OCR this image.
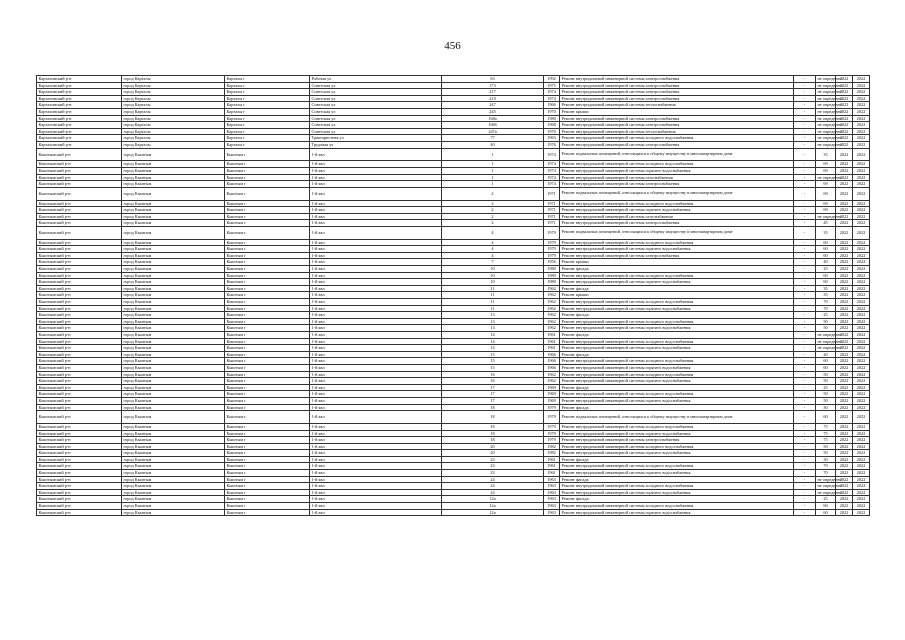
456
Карталинский р-н	город Карталы	Карталы г	Рабочая ул	63	1992	Ремонт внутридомовой инженерной системы электроснабжения	-	не определен	2022	2022
Карталинский р-н	город Карталы	Карталы г	Советская ул	173	1975	Ремонт внутридомовой инженерной системы электроснабжения	-	не определен	2022	2022
Карталинский р-н	город Карталы	Карталы г	Советская ул	217	1974	Ремонт внутридомовой инженерной системы электроснабжения	-	не определен	2022	2022
Карталинский р-н	город Карталы	Карталы г	Советская ул	210	1974	Ремонт внутридомовой инженерной системы электроснабжения	-	не определен	2022	2022
Карталинский р-н	город Карталы	Карталы г	Советская ул	247	1966	Ремонт внутридомовой инженерной системы теплоснабжения	-	не определен	2022	2022
Карталинский р-н	город Карталы	Карталы г	Советская ул	245	1970	Ремонт крыши	-	не определен	2022	2022
Карталинский р-н	город Карталы	Карталы г	Советская ул	168а	1980	Ремонт внутридомовой инженерной системы электроснабжения	-	не определен	2022	2022
Карталинский р-н	город Карталы	Карталы г	Советская ул	168б	1968	Ремонт внутридомовой инженерной системы электроснабжения	-	не определен	2022	2022
Карталинский р-н	город Карталы	Карталы г	Советская ул	247а	1970	Ремонт внутридомовой инженерной системы теплоснабжения	-	не определен	2022	2022
Карталинский р-н	город Карталы	Карталы г	Трактористная ул	77	1963	Ремонт внутридомовой инженерной системы холодного водоснабжения	-	не определен	2022	2022
Карталинский р-н	город Карталы	Карталы г	Трудовая ул	40	1976	Ремонт внутридомовой инженерной системы электроснабжения	-	не определен	2022	2022
Кыштымский р-н	город Кыштым	Кыштым г	1-й квл	1	1974	Ремонт подвальных помещений, относящихся к общему имуществу в многоквартирном доме	-	35	2022	2022
Кыштымский р-н	город Кыштым	Кыштым г	1-й квл	1	1974	Ремонт внутридомовой инженерной системы холодного водоснабжения	-	69	2022	2022
Кыштымский р-н	город Кыштым	Кыштым г	1-й квл	1	1974	Ремонт внутридомовой инженерной системы горячего водоснабжения	-	69	2022	2022
Кыштымский р-н	город Кыштым	Кыштым г	1-й квл	1	1974	Ремонт внутридомовой инженерной системы газоснабжения	-	не определен	2022	2022
Кыштымский р-н	город Кыштым	Кыштым г	1-й квл	1	1974	Ремонт внутридомовой инженерной системы электроснабжения	-	69	2022	2022
Кыштымский р-н	город Кыштым	Кыштым г	1-й квл	2	1971	Ремонт подвальных помещений, относящихся к общему имуществу в многоквартирном доме	-	69	2022	2022
Кыштымский р-н	город Кыштым	Кыштым г	1-й квл	2	1971	Ремонт внутридомовой инженерной системы холодного водоснабжения	-	69	2022	2022
Кыштымский р-н	город Кыштым	Кыштым г	1-й квл	2	1971	Ремонт внутридомовой инженерной системы горячего водоснабжения	-	69	2022	2022
Кыштымский р-н	город Кыштым	Кыштым г	1-й квл	2	1971	Ремонт внутридомовой инженерной системы газоснабжения	-	не определен	2022	2022
Кыштымский р-н	город Кыштым	Кыштым г	1-й квл	2	1971	Ремонт внутридомовой инженерной системы электроснабжения	-	45	2022	2022
Кыштымский р-н	город Кыштым	Кыштым г	1-й квл	4	1979	Ремонт подвальных помещений, относящихся к общему имуществу в многоквартирном доме	-	35	2022	2022
Кыштымский р-н	город Кыштым	Кыштым г	1-й квл	4	1979	Ремонт внутридомовой инженерной системы холодного водоснабжения	-	60	2022	2022
Кыштымский р-н	город Кыштым	Кыштым г	1-й квл	4	1979	Ремонт внутридомовой инженерной системы горячего водоснабжения	-	60	2022	2022
Кыштымский р-н	город Кыштым	Кыштым г	1-й квл	4	1979	Ремонт внутридомовой инженерной системы электроснабжения	-	60	2022	2022
Кыштымский р-н	город Кыштым	Кыштым г	1-й квл	7	1956	Ремонт крыши	-	40	2022	2022
Кыштымский р-н	город Кыштым	Кыштым г	1-й квл	10	1980	Ремонт фасада	-	25	2022	2022
Кыштымский р-н	город Кыштым	Кыштым г	1-й квл	10	1980	Ремонт внутридомовой инженерной системы холодного водоснабжения	-	60	2022	2022
Кыштымский р-н	город Кыштым	Кыштым г	1-й квл	10	1980	Ремонт внутридомовой инженерной системы горячего водоснабжения	-	60	2022	2022
Кыштымский р-н	город Кыштым	Кыштым г	1-й квл	11	1962	Ремонт фасада	-	35	2022	2022
Кыштымский р-н	город Кыштым	Кыштым г	1-й квл	11	1962	Ремонт крыши	-	35	2022	2022
Кыштымский р-н	город Кыштым	Кыштым г	1-й квл	11	1962	Ремонт внутридомовой инженерной системы холодного водоснабжения	-	70	2022	2022
Кыштымский р-н	город Кыштым	Кыштым г	1-й квл	11	1962	Ремонт внутридомовой инженерной системы горячего водоснабжения	-	70	2022	2022
Кыштымский р-н	город Кыштым	Кыштым г	1-й квл	13	1962	Ремонт фасада	-	25	2022	2022
Кыштымский р-н	город Кыштым	Кыштым г	1-й квл	13	1962	Ремонт внутридомовой инженерной системы холодного водоснабжения	-	50	2022	2022
Кыштымский р-н	город Кыштым	Кыштым г	1-й квл	13	1962	Ремонт внутридомовой инженерной системы горячего водоснабжения	-	50	2022	2022
Кыштымский р-н	город Кыштым	Кыштым г	1-й квл	14	1961	Ремонт фасада	-	не определен	2022	2022
Кыштымский р-н	город Кыштым	Кыштым г	1-й квл	14	1961	Ремонт внутридомовой инженерной системы холодного водоснабжения	-	не определен	2022	2022
Кыштымский р-н	город Кыштым	Кыштым г	1-й квл	14	1961	Ремонт внутридомовой инженерной системы горячего водоснабжения	-	не определен	2022	2022
Кыштымский р-н	город Кыштым	Кыштым г	1-й квл	15	1966	Ремонт фасада	-	20	2022	2022
Кыштымский р-н	город Кыштым	Кыштым г	1-й квл	15	1966	Ремонт внутридомовой инженерной системы холодного водоснабжения	-	60	2022	2022
Кыштымский р-н	город Кыштым	Кыштым г	1-й квл	15	1966	Ремонт внутридомовой инженерной системы горячего водоснабжения	-	60	2022	2022
Кыштымский р-н	город Кыштым	Кыштым г	1-й квл	16	1962	Ремонт внутридомовой инженерной системы холодного водоснабжения	-	50	2022	2022
Кыштымский р-н	город Кыштым	Кыштым г	1-й квл	16	1962	Ремонт внутридомовой инженерной системы горячего водоснабжения	-	50	2022	2022
Кыштымский р-н	город Кыштым	Кыштым г	1-й квл	17	1969	Ремонт фасада	-	25	2022	2022
Кыштымский р-н	город Кыштым	Кыштым г	1-й квл	17	1969	Ремонт внутридомовой инженерной системы холодного водоснабжения	-	50	2022	2022
Кыштымский р-н	город Кыштым	Кыштым г	1-й квл	17	1969	Ремонт внутридомовой инженерной системы горячего водоснабжения	-	50	2022	2022
Кыштымский р-н	город Кыштым	Кыштым г	1-й квл	18	1979	Ремонт фасада	-	30	2022	2022
Кыштымский р-н	город Кыштым	Кыштым г	1-й квл	18	1979	Ремонт подвальных помещений, относящихся к общему имуществу в многоквартирном доме	-	60	2022	2022
Кыштымский р-н	город Кыштым	Кыштым г	1-й квл	18	1979	Ремонт внутридомовой инженерной системы холодного водоснабжения	-	75	2022	2022
Кыштымский р-н	город Кыштым	Кыштым г	1-й квл	18	1979	Ремонт внутридомовой инженерной системы горячего водоснабжения	-	75	2022	2022
Кыштымский р-н	город Кыштым	Кыштым г	1-й квл	18	1979	Ремонт внутридомовой инженерной системы электроснабжения	-	75	2022	2022
Кыштымский р-н	город Кыштым	Кыштым г	1-й квл	20	1982	Ремонт внутридомовой инженерной системы холодного водоснабжения	-	50	2022	2022
Кыштымский р-н	город Кыштым	Кыштым г	1-й квл	20	1982	Ремонт внутридомовой инженерной системы горячего водоснабжения	-	50	2022	2022
Кыштымский р-н	город Кыштым	Кыштым г	1-й квл	23	1961	Ремонт фасада	-	30	2022	2022
Кыштымский р-н	город Кыштым	Кыштым г	1-й квл	23	1961	Ремонт внутридомовой инженерной системы холодного водоснабжения	-	70	2022	2022
Кыштымский р-н	город Кыштым	Кыштым г	1-й квл	23	1961	Ремонт внутридомовой инженерной системы горячего водоснабжения	-	70	2022	2022
Кыштымский р-н	город Кыштым	Кыштым г	1-й квл	24	1963	Ремонт фасада	-	не определен	2022	2022
Кыштымский р-н	город Кыштым	Кыштым г	1-й квл	24	1963	Ремонт внутридомовой инженерной системы холодного водоснабжения	-	не определен	2022	2022
Кыштымский р-н	город Кыштым	Кыштым г	1-й квл	24	1963	Ремонт внутридомовой инженерной системы горячего водоснабжения	-	не определен	2022	2022
Кыштымский р-н	город Кыштым	Кыштым г	1-й квл	12а	1963	Ремонт фасада	-	25	2022	2022
Кыштымский р-н	город Кыштым	Кыштым г	1-й квл	12а	1963	Ремонт внутридомовой инженерной системы холодного водоснабжения	-	60	2022	2022
Кыштымский р-н	город Кыштым	Кыштым г	1-й квл	12а	1963	Ремонт внутридомовой инженерной системы горячего водоснабжения	-	60	2022	2022
